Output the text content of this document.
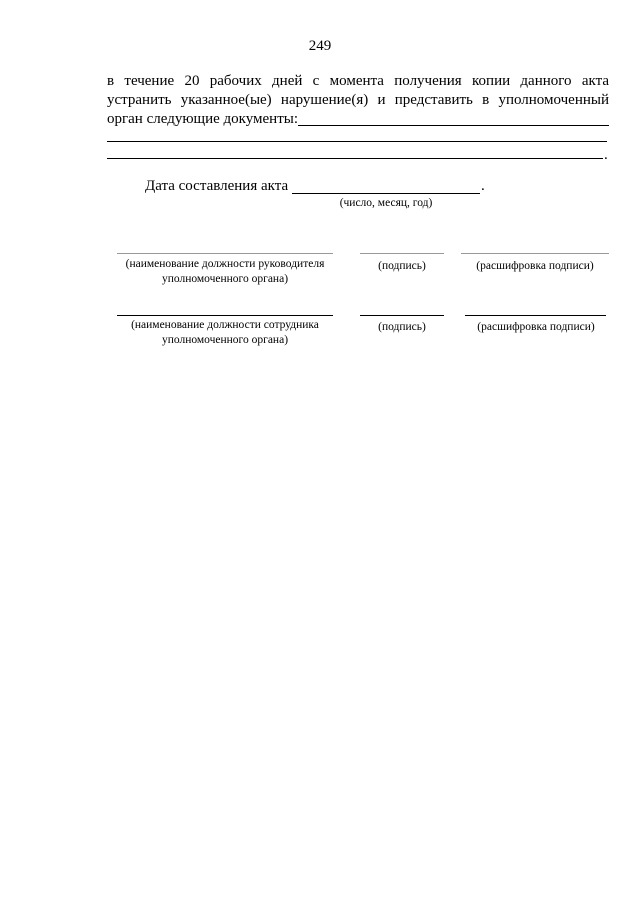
249
в течение 20 рабочих дней с момента получения копии данного акта
устранить указанное(ые) нарушение(я) и представить в уполномоченный
орган следующие документы:
.
Дата составления акта	.
(число, месяц, год)
(наименование должности руководителя уполномоченного органа)
(подпись)	(расшифровка подписи)
(наименование должности сотрудника уполномоченного органа)
(подпись)	(расшифровка подписи)
